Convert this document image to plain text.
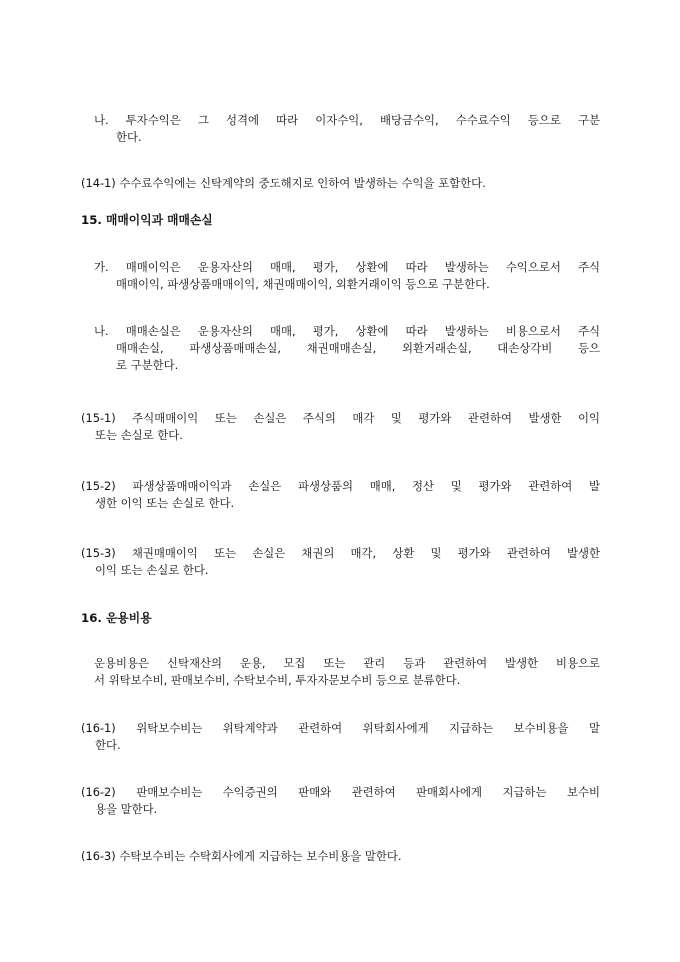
나. 투자수익은 그 성격에 따라 이자수익, 배당금수익, 수수료수익 등으로 구분

한다.

(14-1) 수수료수익에는 신탁계약의 중도해지로 인하여 발생하는 수익을 포함한다.

15. 매매이익과 매매손실

가. 매매이익은 운용자산의 매매, 평가, 상환에 따라 발생하는 수익으로서 주식

매매이익, 파생상품매매이익, 채권매매이익, 외환거래이익 등으로 구분한다.

나. 매매손실은 운용자산의 매매, 평가, 상환에 따라 발생하는 비용으로서 주식

매매손실, 파생상품매매손실, 채권매매손실, 외환거래손실, 대손상각비 등으

로 구분한다.

(15-1) 주식매매이익 또는 손실은 주식의 매각 및 평가와 관련하여 발생한 이익

또는 손실로 한다.

(15-2) 파생상품매매이익과 손실은 파생상품의 매매, 정산 및 평가와 관련하여 발

생한 이익 또는 손실로 한다.

(15-3) 채권매매이익 또는 손실은 채권의 매각, 상환 및 평가와 관련하여 발생한

이익 또는 손실로 한다.

16. 운용비용

운용비용은 신탁재산의 운용, 모집 또는 관리 등과 관련하여 발생한 비용으로

서 위탁보수비, 판매보수비, 수탁보수비, 투자자문보수비 등으로 분류한다.

(16-1) 위탁보수비는 위탁계약과 관련하여 위탁회사에게 지급하는 보수비용을 말

한다.

(16-2) 판매보수비는 수익증권의 판매와 관련하여 판매회사에게 지급하는 보수비

용을 말한다.

(16-3) 수탁보수비는 수탁회사에게 지급하는 보수비용을 말한다.
